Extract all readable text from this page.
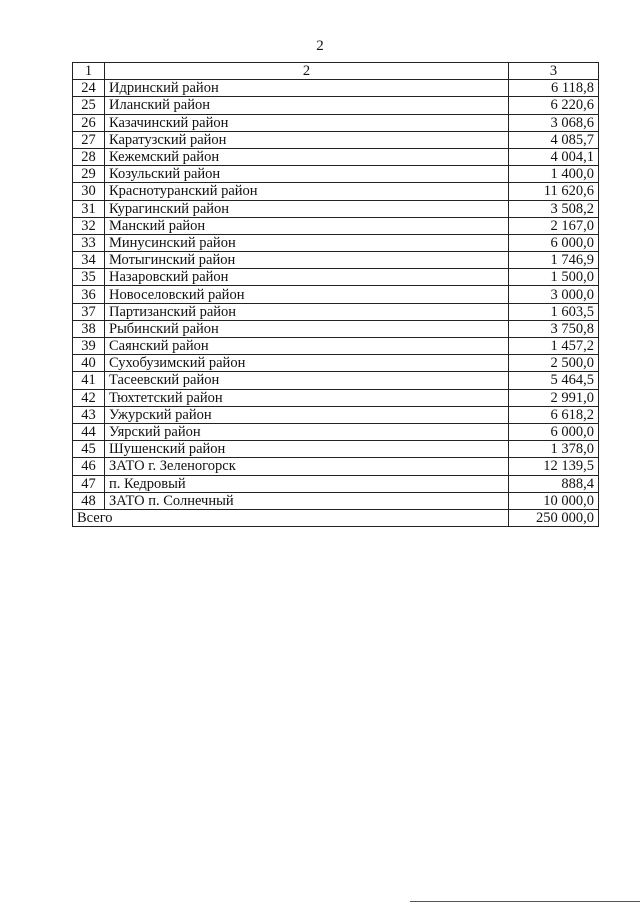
2
1	2	3
24	Идринский район	6 118,8
25	Иланский район	6 220,6
26	Казачинский район	3 068,6
27	Каратузский район	4 085,7
28	Кежемский район	4 004,1
29	Козульский район	1 400,0
30	Краснотуранский район	11 620,6
31	Курагинский район	3 508,2
32	Манский район	2 167,0
33	Минусинский район	6 000,0
34	Мотыгинский район	1 746,9
35	Назаровский район	1 500,0
36	Новоселовский район	3 000,0
37	Партизанский район	1 603,5
38	Рыбинский район	3 750,8
39	Саянский район	1 457,2
40	Сухобузимский район	2 500,0
41	Тасеевский район	5 464,5
42	Тюхтетский район	2 991,0
43	Ужурский район	6 618,2
44	Уярский район	6 000,0
45	Шушенский район	1 378,0
46	ЗАТО г. Зеленогорск	12 139,5
47	п. Кедровый	888,4
48	ЗАТО п. Солнечный	10 000,0
Всего		250 000,0
